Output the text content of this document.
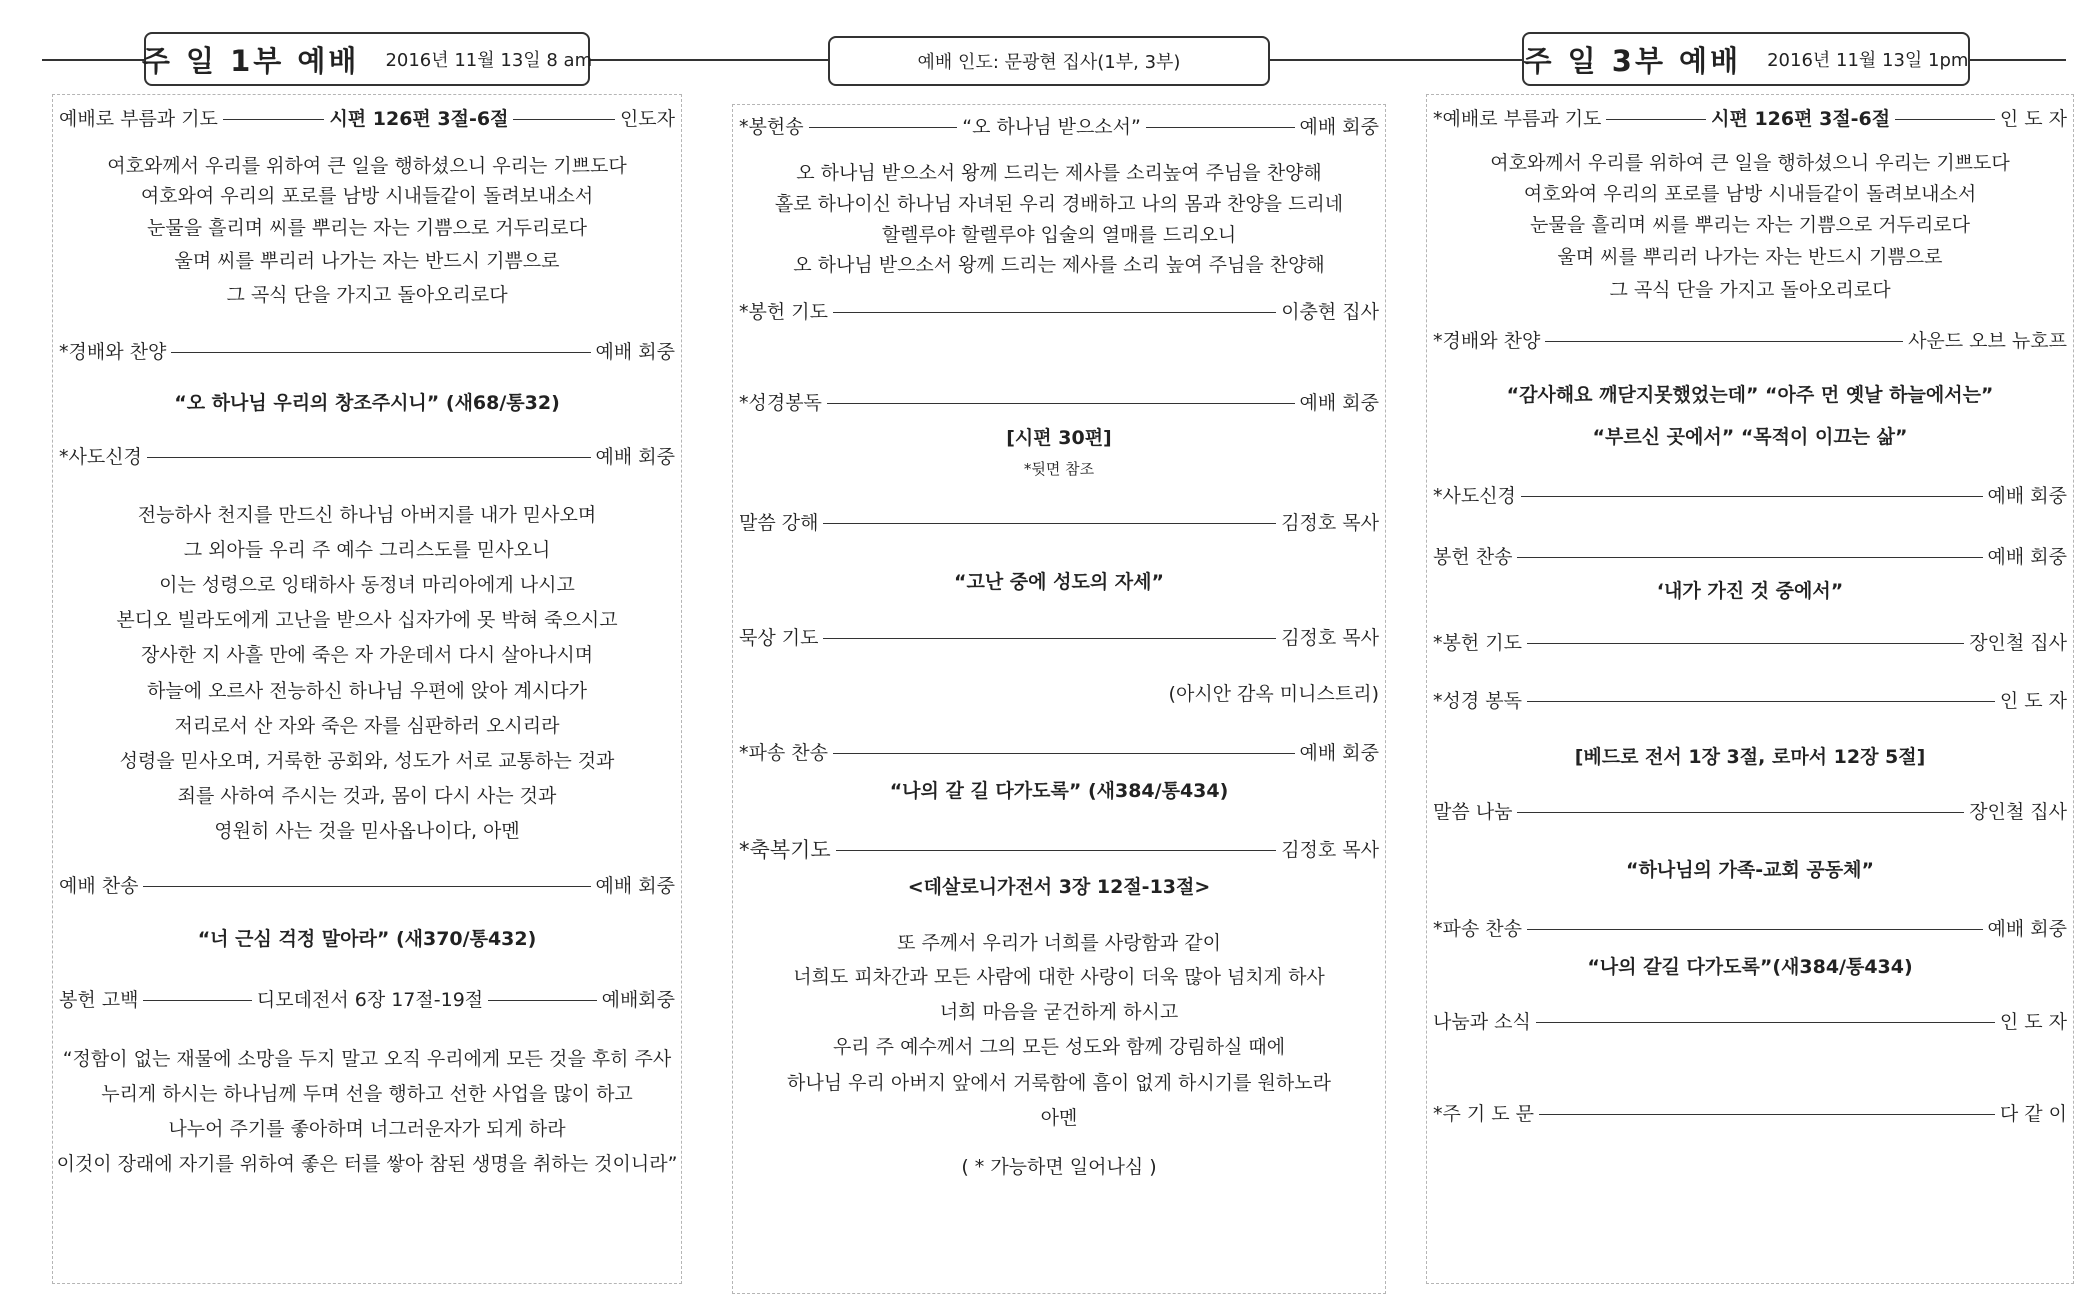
주 일 1부 예배 2016년 11월 13일 8 am	예배 인도: 문광현 집사(1부, 3부)	주 일 3부 예배 2016년 11월 13일 1pm
예배로 부름과 기도	시편 126편 3절-6절	인도자
여호와께서 우리를 위하여 큰 일을 행하셨으니 우리는 기쁘도다
여호와여 우리의 포로를 남방 시내들같이 돌려보내소서
눈물을 흘리며 씨를 뿌리는 자는 기쁨으로 거두리로다
울며 씨를 뿌리러 나가는 자는 반드시 기쁨으로
그 곡식 단을 가지고 돌아오리로다
*경배와 찬양	예배 회중
“오 하나님 우리의 창조주시니” (새68/통32)
*사도신경	예배 회중
전능하사 천지를 만드신 하나님 아버지를 내가 믿사오며
그 외아들 우리 주 예수 그리스도를 믿사오니
이는 성령으로 잉태하사 동정녀 마리아에게 나시고
본디오 빌라도에게 고난을 받으사 십자가에 못 박혀 죽으시고
장사한 지 사흘 만에 죽은 자 가운데서 다시 살아나시며
하늘에 오르사 전능하신 하나님 우편에 앉아 계시다가
저리로서 산 자와 죽은 자를 심판하러 오시리라
성령을 믿사오며, 거룩한 공회와, 성도가 서로 교통하는 것과
죄를 사하여 주시는 것과, 몸이 다시 사는 것과
영원히 사는 것을 믿사옵나이다, 아멘
예배 찬송	예배 회중
“너 근심 걱정 말아라” (새370/통432)
봉헌 고백	디모데전서 6장 17절-19절	예배회중
“정함이 없는 재물에 소망을 두지 말고 오직 우리에게 모든 것을 후히 주사
누리게 하시는 하나님께 두며 선을 행하고 선한 사업을 많이 하고
나누어 주기를 좋아하며 너그러운자가 되게 하라
이것이 장래에 자기를 위하여 좋은 터를 쌓아 참된 생명을 취하는 것이니라”
*봉헌송	“오 하나님 받으소서”	예배 회중
오 하나님 받으소서 왕께 드리는 제사를 소리높여 주님을 찬양해
홀로 하나이신 하나님 자녀된 우리 경배하고 나의 몸과 찬양을 드리네
할렐루야 할렐루야 입술의 열매를 드리오니
오 하나님 받으소서 왕께 드리는 제사를 소리 높여 주님을 찬양해
*봉헌 기도	이충현 집사
*성경봉독	예배 회중
[시편 30편]
*뒷면 참조
말씀 강해	김정호 목사
“고난 중에 성도의 자세”
묵상 기도	김정호 목사
(아시안 감옥 미니스트리)
*파송 찬송	예배 회중
“나의 갈 길 다가도록” (새384/통434)
*축복기도	김정호 목사
<데살로니가전서 3장 12절-13절>
또 주께서 우리가 너희를 사랑함과 같이
너희도 피차간과 모든 사람에 대한 사랑이 더욱 많아 넘치게 하사
너희 마음을 굳건하게 하시고
우리 주 예수께서 그의 모든 성도와 함께 강림하실 때에
하나님 우리 아버지 앞에서 거룩함에 흠이 없게 하시기를 원하노라
아멘
( * 가능하면 일어나심 )
*예배로 부름과 기도	시편 126편 3절-6절	인 도 자
여호와께서 우리를 위하여 큰 일을 행하셨으니 우리는 기쁘도다
여호와여 우리의 포로를 남방 시내들같이 돌려보내소서
눈물을 흘리며 씨를 뿌리는 자는 기쁨으로 거두리로다
울며 씨를 뿌리러 나가는 자는 반드시 기쁨으로
그 곡식 단을 가지고 돌아오리로다
*경배와 찬양	사운드 오브 뉴호프
“감사해요 깨닫지못했었는데” “아주 먼 옛날 하늘에서는”
“부르신 곳에서” “목적이 이끄는 삶”
*사도신경	예배 회중
봉헌 찬송	예배 회중
‘내가 가진 것 중에서”
*봉헌 기도	장인철 집사
*성경 봉독	인 도 자
[베드로 전서 1장 3절, 로마서 12장 5절]
말씀 나눔	장인철 집사
“하나님의 가족-교회 공동체”
*파송 찬송	예배 회중
“나의 갈길 다가도록”(새384/통434)
나눔과 소식	인 도 자
*주 기 도 문	다 같 이
